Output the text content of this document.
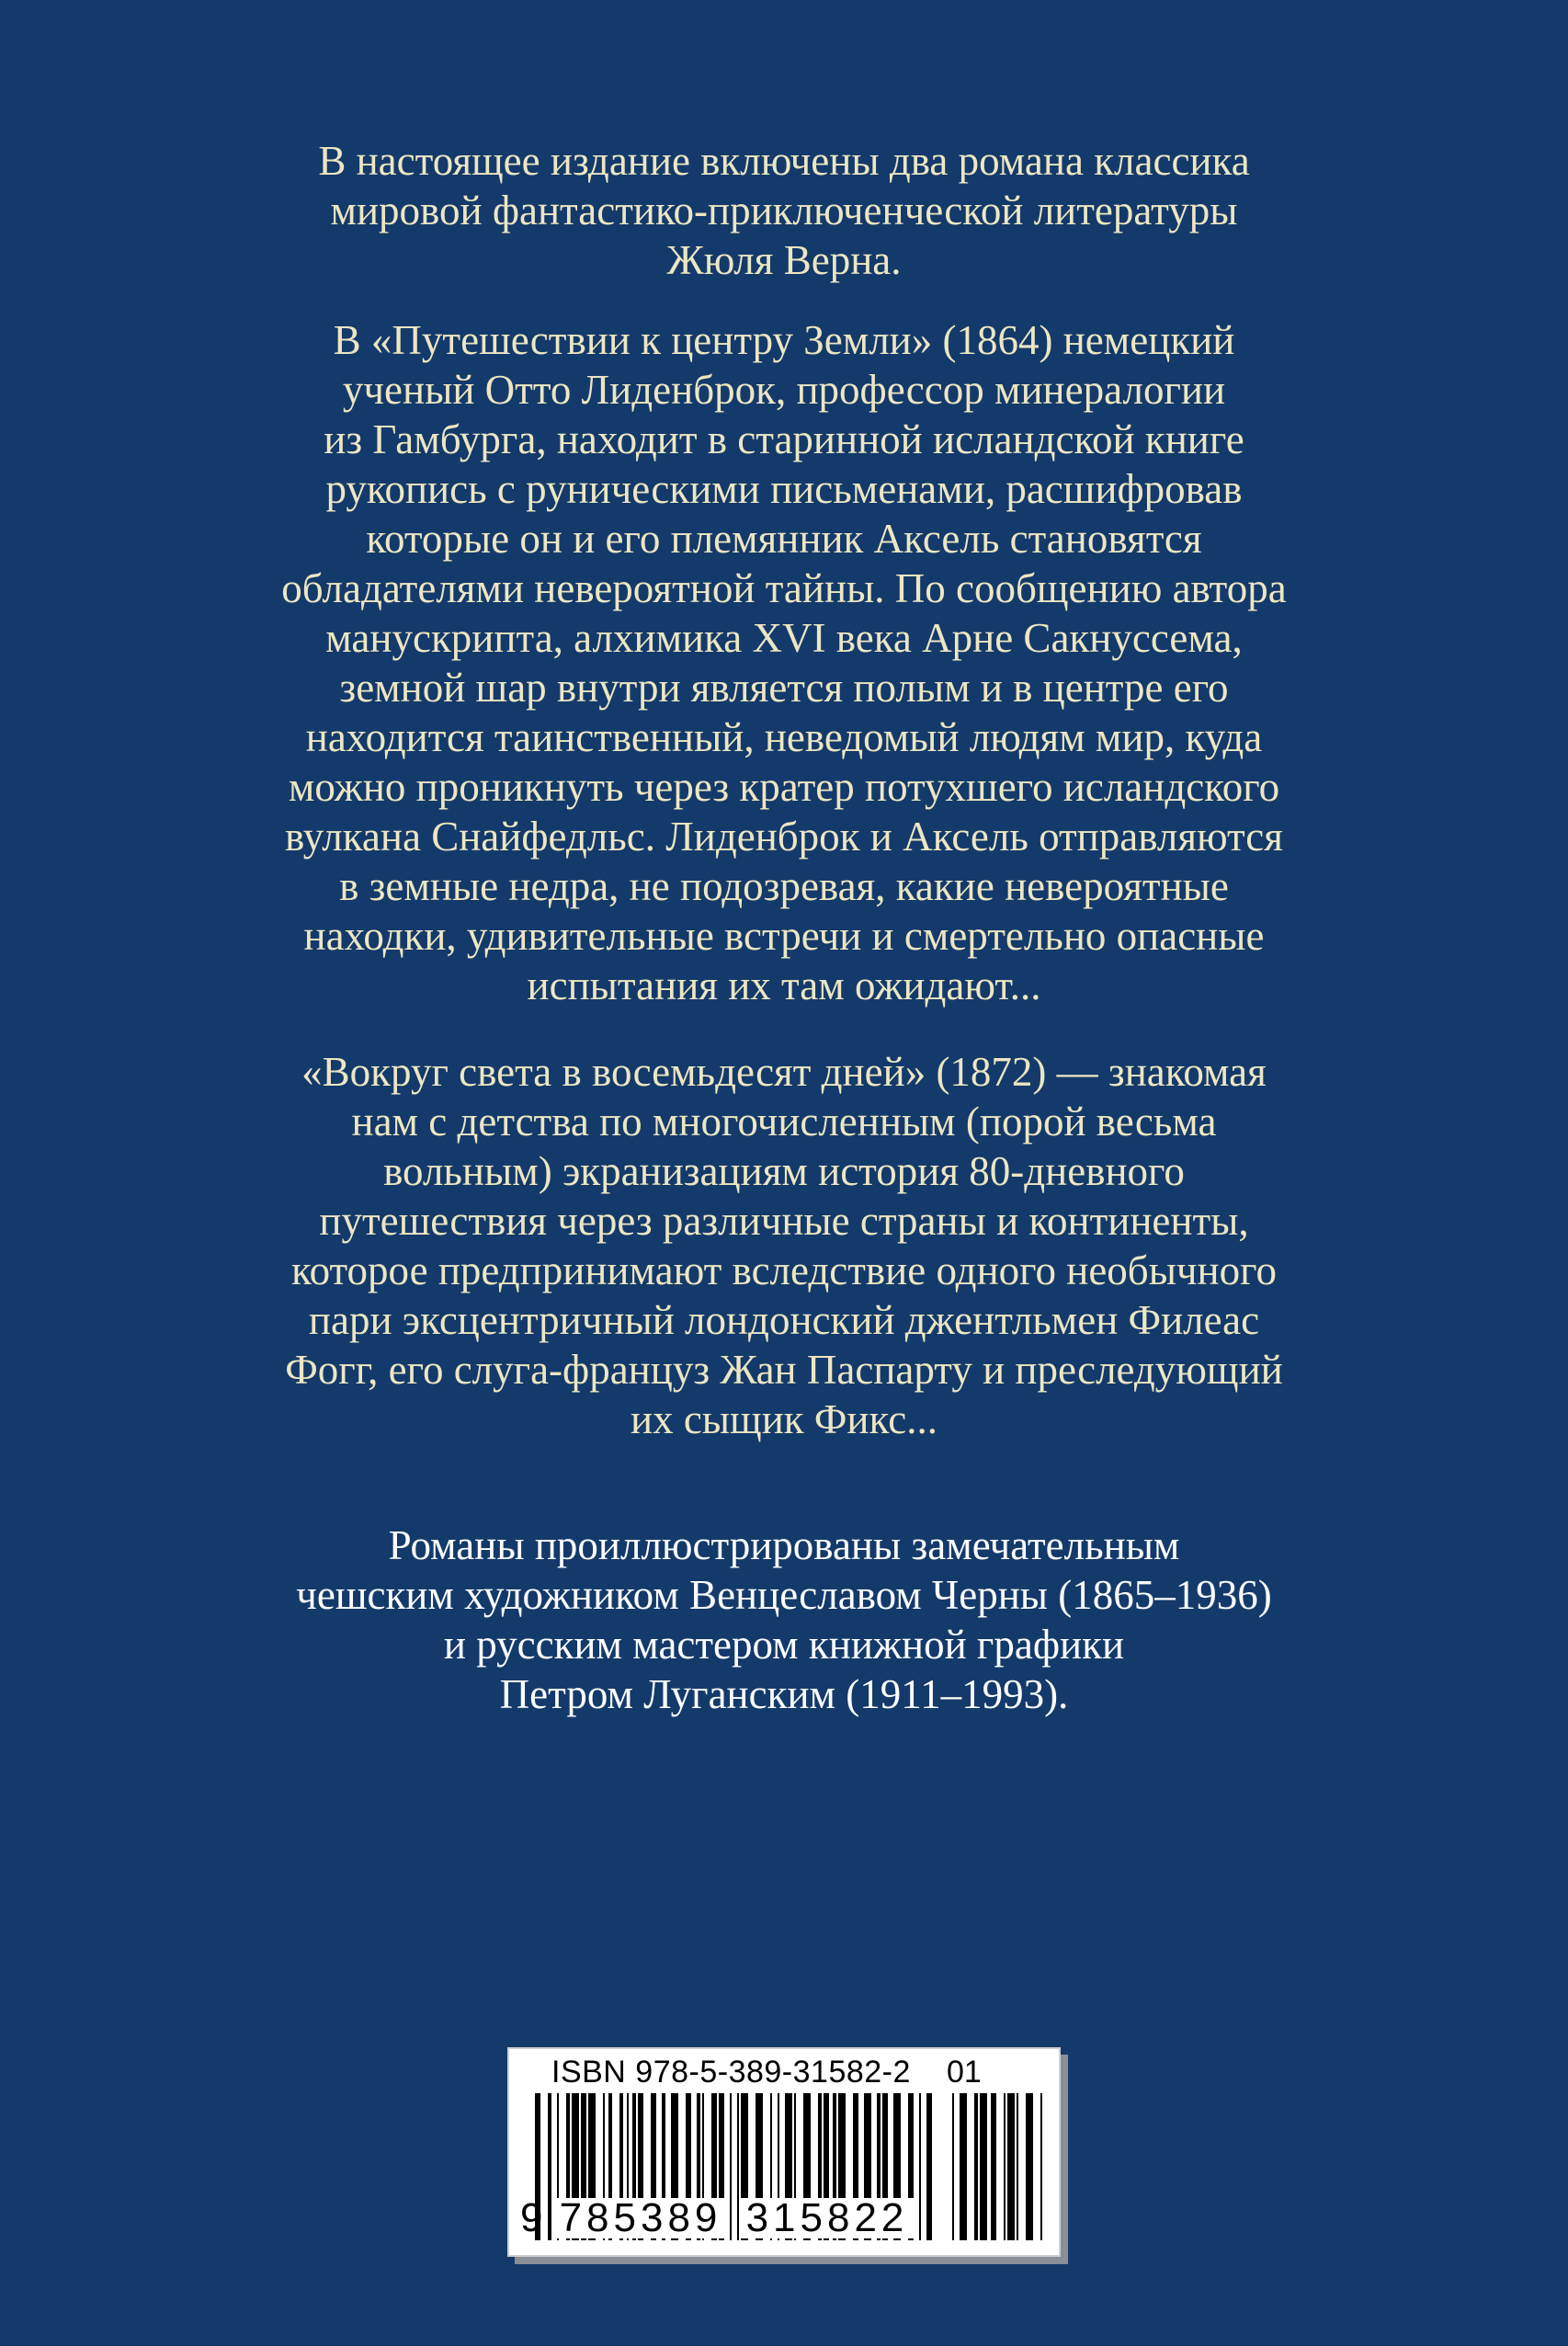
В настоящее издание включены два романа классика
мировой фантастико-приключенческой литературы
Жюля Верна.

В «Путешествии к центру Земли» (1864) немецкий
ученый Отто Лиденброк, профессор минералогии
из Гамбурга, находит в старинной исландской книге
рукопись с руническими письменами, расшифровав
которые он и его племянник Аксель становятся
обладателями невероятной тайны. По сообщению автора
манускрипта, алхимика XVI века Арне Сакнуссема,
земной шар внутри является полым и в центре его
находится таинственный, неведомый людям мир, куда
можно проникнуть через кратер потухшего исландского
вулкана Снайфедльс. Лиденброк и Аксель отправляются
в земные недра, не подозревая, какие невероятные
находки, удивительные встречи и смертельно опасные
испытания их там ожидают...

«Вокруг света в восемьдесят дней» (1872) — знакомая
нам с детства по многочисленным (порой весьма
вольным) экранизациям история 80-дневного
путешествия через различные страны и континенты,
которое предпринимают вследствие одного необычного
пари эксцентричный лондонский джентльмен Филеас
Фогг, его слуга-француз Жан Паспарту и преследующий
их сыщик Фикс...

Романы проиллюстрированы замечательным
чешским художником Венцеславом Черны (1865–1936)
и русским мастером книжной графики
Петром Луганским (1911–1993).

ISBN 978-5-389-31582-2 01
9 785389 315822
